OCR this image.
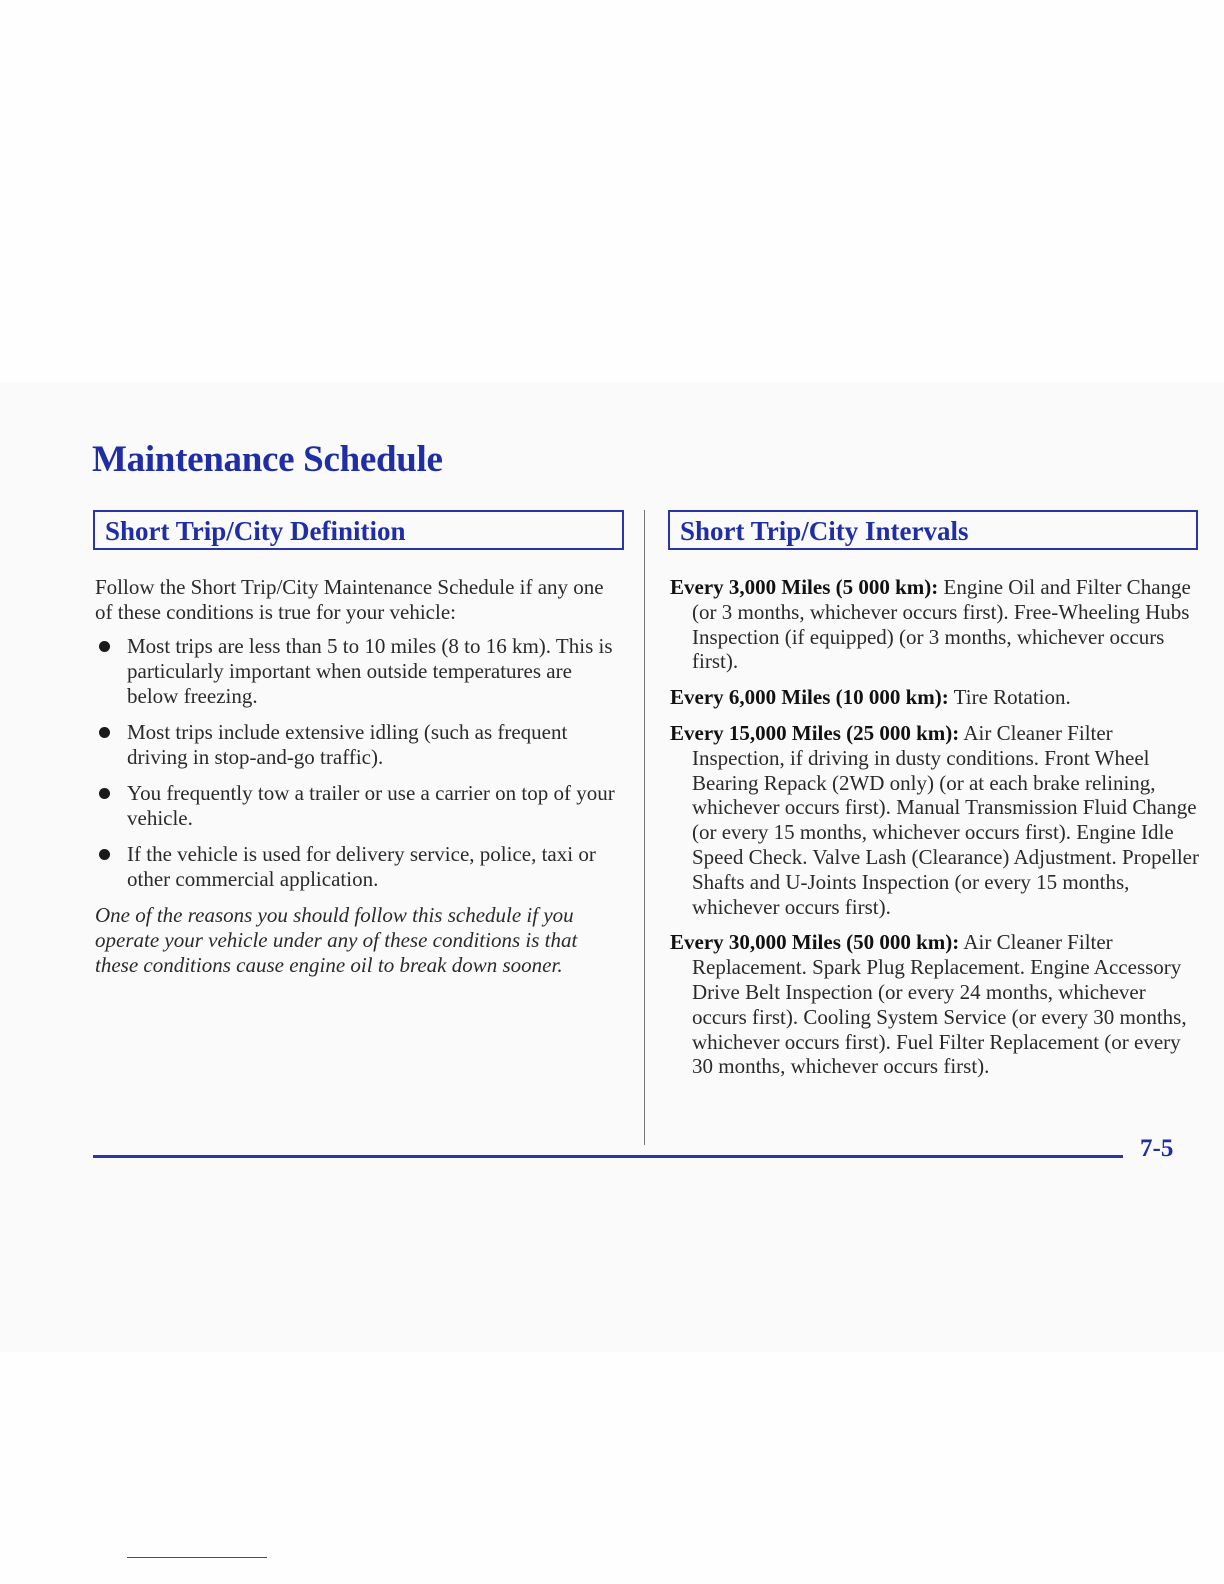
Maintenance Schedule
Short Trip/City Definition	Short Trip/City Intervals

Follow the Short Trip/City Maintenance Schedule if any one of these conditions is true for your vehicle:

Most trips are less than 5 to 10 miles (8 to 16 km). This is particularly important when outside temperatures are below freezing.
Most trips include extensive idling (such as frequent driving in stop-and-go traffic).
You frequently tow a trailer or use a carrier on top of your vehicle.
If the vehicle is used for delivery service, police, taxi or other commercial application.

One of the reasons you should follow this schedule if you operate your vehicle under any of these conditions is that these conditions cause engine oil to break down sooner.

Every 3,000 Miles (5 000 km): Engine Oil and Filter Change (or 3 months, whichever occurs first). Free-Wheeling Hubs Inspection (if equipped) (or 3 months, whichever occurs first).

Every 6,000 Miles (10 000 km): Tire Rotation.

Every 15,000 Miles (25 000 km): Air Cleaner Filter Inspection, if driving in dusty conditions. Front Wheel Bearing Repack (2WD only) (or at each brake relining, whichever occurs first). Manual Transmission Fluid Change (or every 15 months, whichever occurs first). Engine Idle Speed Check. Valve Lash (Clearance) Adjustment. Propeller Shafts and U-Joints Inspection (or every 15 months, whichever occurs first).

Every 30,000 Miles (50 000 km): Air Cleaner Filter Replacement. Spark Plug Replacement. Engine Accessory Drive Belt Inspection (or every 24 months, whichever occurs first). Cooling System Service (or every 30 months, whichever occurs first). Fuel Filter Replacement (or every 30 months, whichever occurs first).

7-5
